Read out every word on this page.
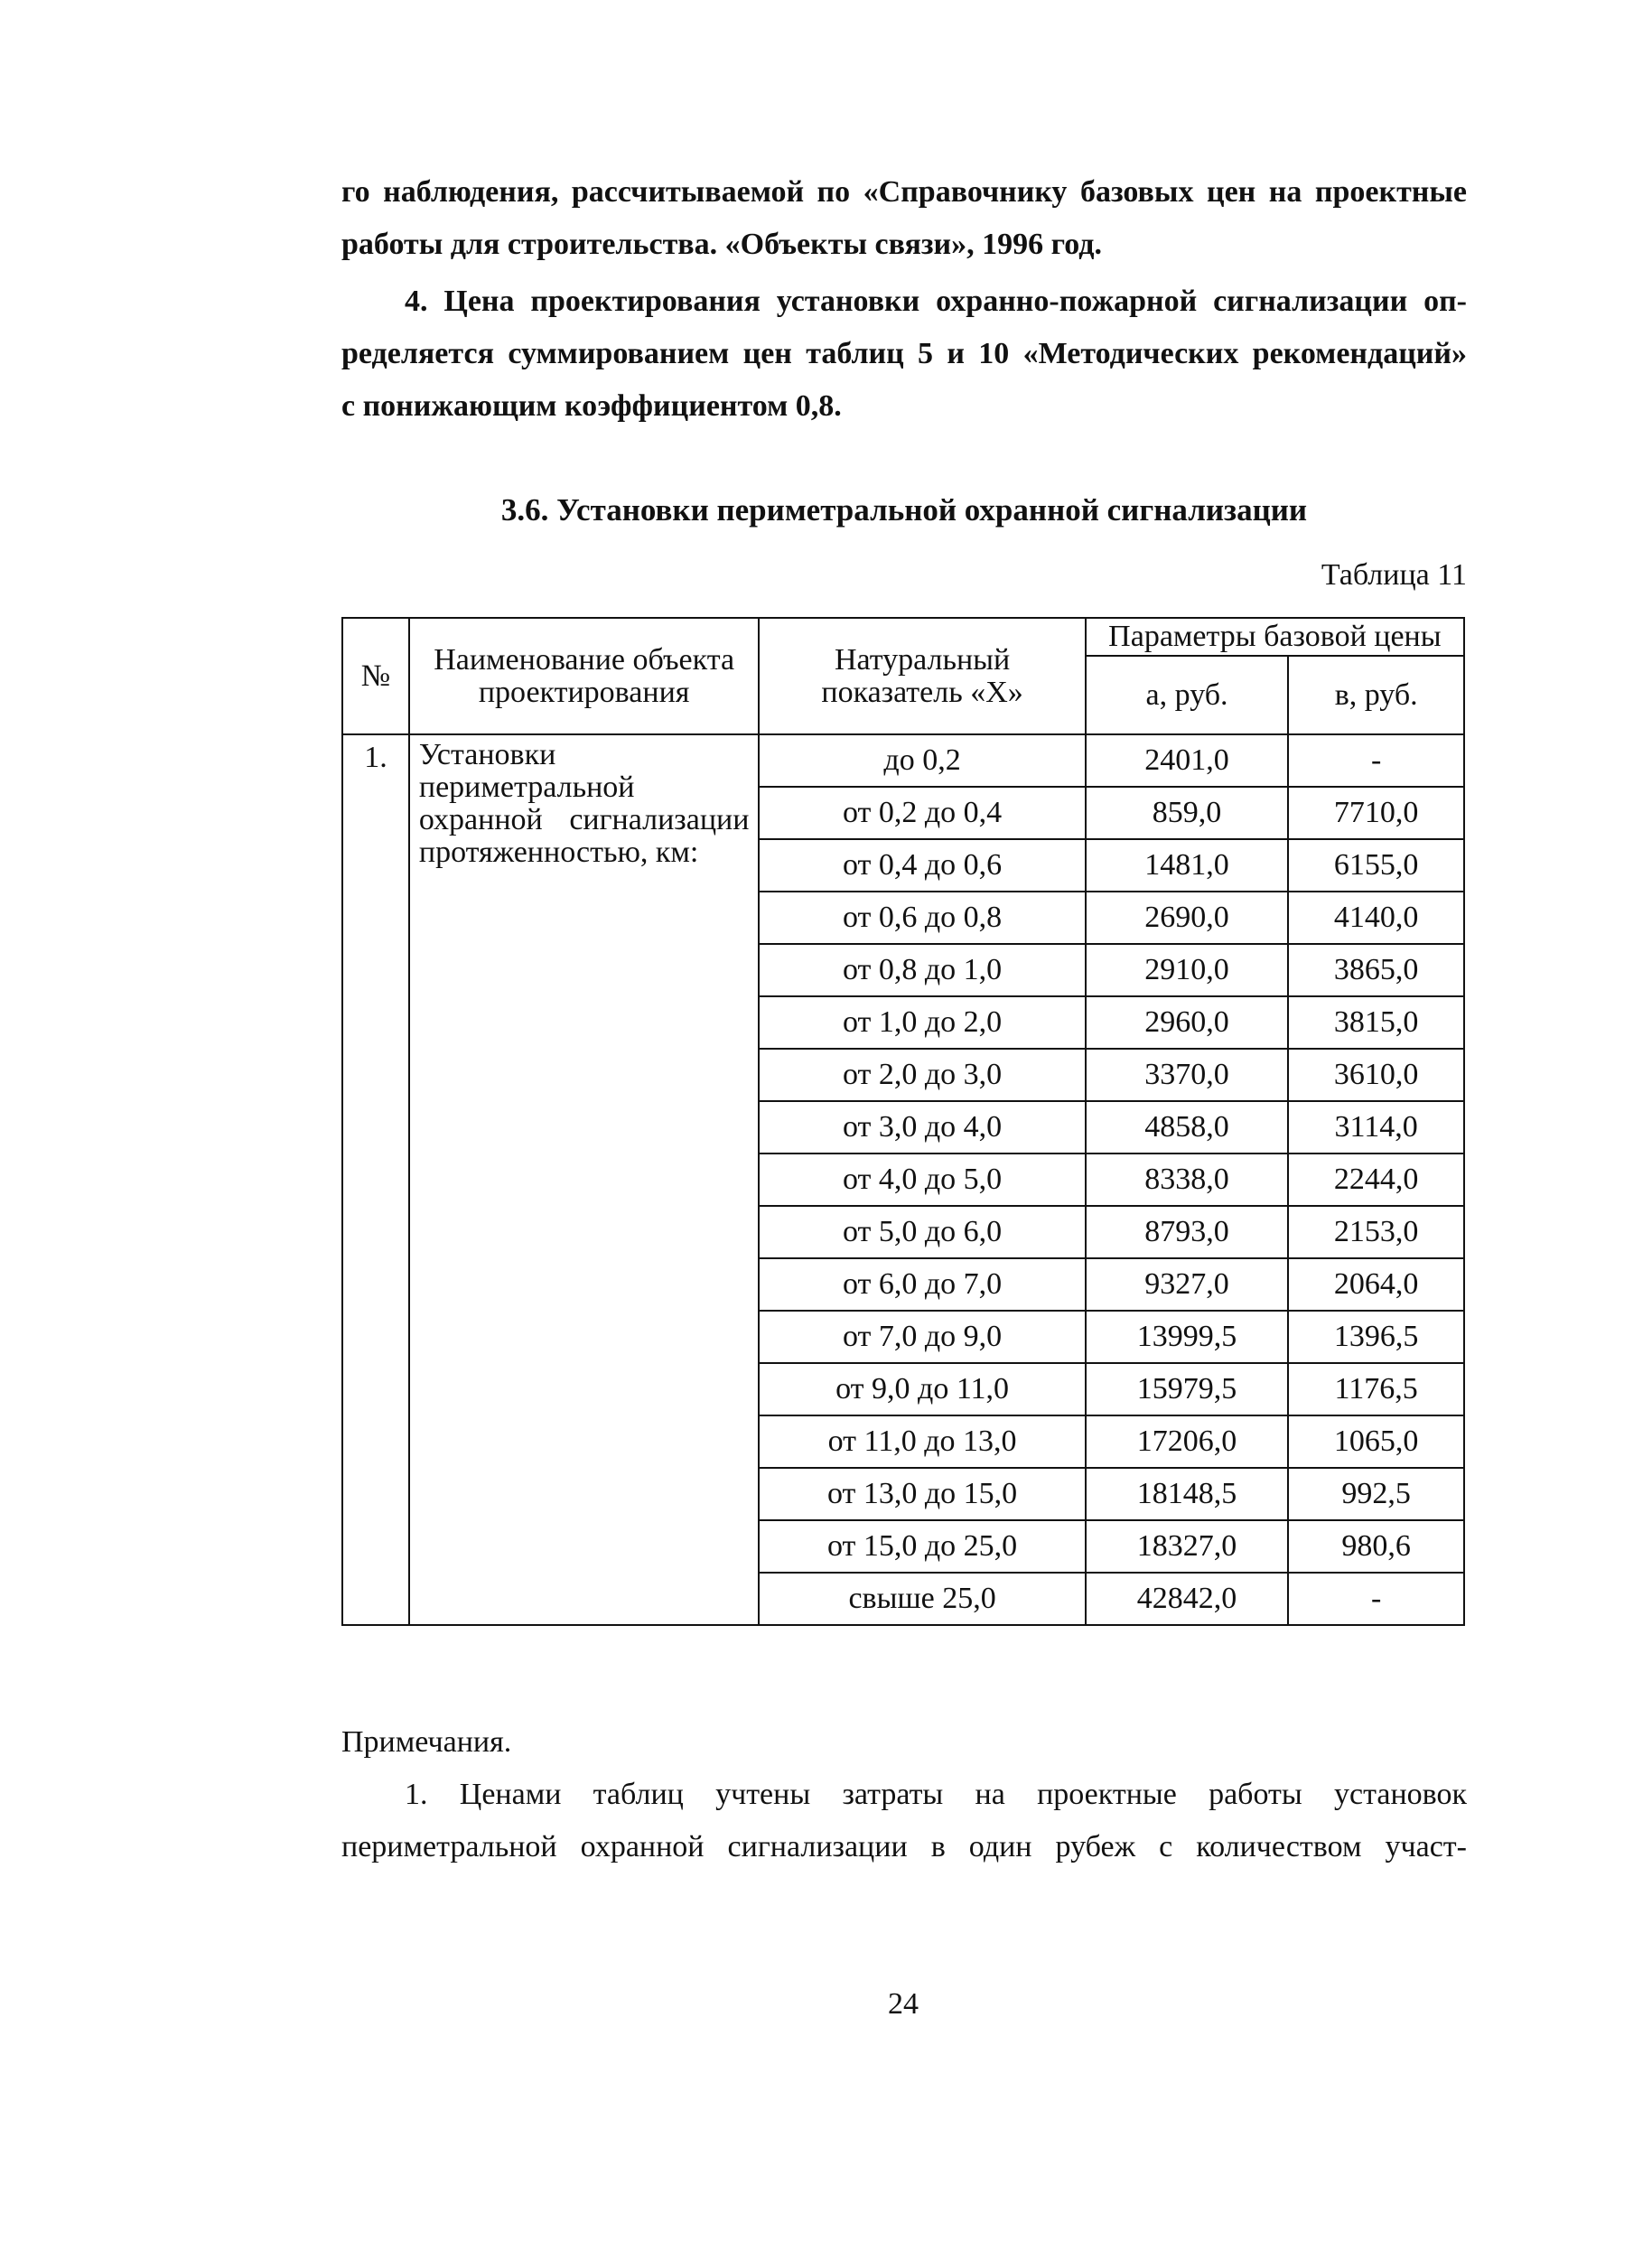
го наблюдения, рассчитываемой по «Справочнику базовых цен на проектные
работы для строительства. «Объекты связи», 1996 год.
4. Цена проектирования установки охранно-пожарной сигнализации оп-
ределяется суммированием цен таблиц 5 и 10 «Методических рекомендаций»
с понижающим коэффициентом 0,8.
3.6. Установки периметральной охранной сигнализации
Таблица 11
№	Наименование объекта проектирования	Натуральный показатель «Х»	Параметры базовой цены	
			а, руб.	в, руб.
1.	Установки периметральной охранной сигнализации протяженностью, км:	до 0,2	2401,0	-
		от 0,2 до 0,4	859,0	7710,0
		от 0,4 до 0,6	1481,0	6155,0
		от 0,6 до 0,8	2690,0	4140,0
		от 0,8 до 1,0	2910,0	3865,0
		от 1,0 до 2,0	2960,0	3815,0
		от 2,0 до 3,0	3370,0	3610,0
		от 3,0 до 4,0	4858,0	3114,0
		от 4,0 до 5,0	8338,0	2244,0
		от 5,0 до 6,0	8793,0	2153,0
		от 6,0 до 7,0	9327,0	2064,0
		от 7,0 до 9,0	13999,5	1396,5
		от 9,0 до 11,0	15979,5	1176,5
		от 11,0 до 13,0	17206,0	1065,0
		от 13,0 до 15,0	18148,5	992,5
		от 15,0 до 25,0	18327,0	980,6
		свыше 25,0	42842,0	-
Примечания.
1. Ценами таблиц учтены затраты на проектные работы установок
периметральной охранной сигнализации в один рубеж с количеством участ-
24
